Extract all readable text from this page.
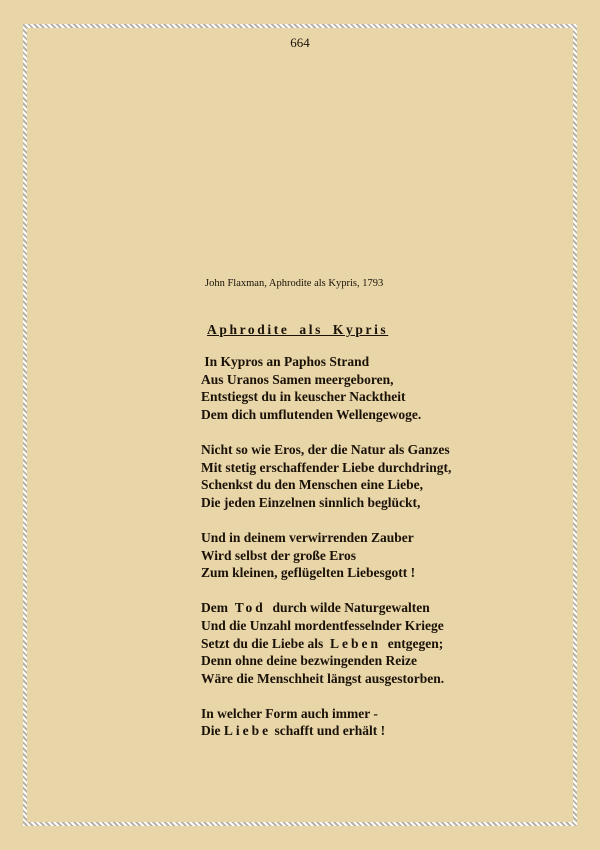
664
John Flaxman, Aphrodite als Kypris, 1793
Aphrodite als Kypris
In Kypros an Paphos Strand
Aus Uranos Samen meergeboren,
Entstiegst du in keuscher Nacktheit
Dem dich umflutenden Wellengewoge.
Nicht so wie Eros, der die Natur als Ganzes
Mit stetig erschaffender Liebe durchdringt,
Schenkst du den Menschen eine Liebe,
Die jeden Einzelnen sinnlich beglückt,
Und in deinem verwirrenden Zauber
Wird selbst der große Eros
Zum kleinen, geflügelten Liebesgott !
Dem  Tod  durch wilde Naturgewalten
Und die Unzahl mordentfesselnder Kriege
Setzt du die Liebe als  Leben  entgegen;
Denn ohne deine bezwingenden Reize
Wäre die Menschheit längst ausgestorben.
In welcher Form auch immer -
Die Liebe schafft und erhält !
